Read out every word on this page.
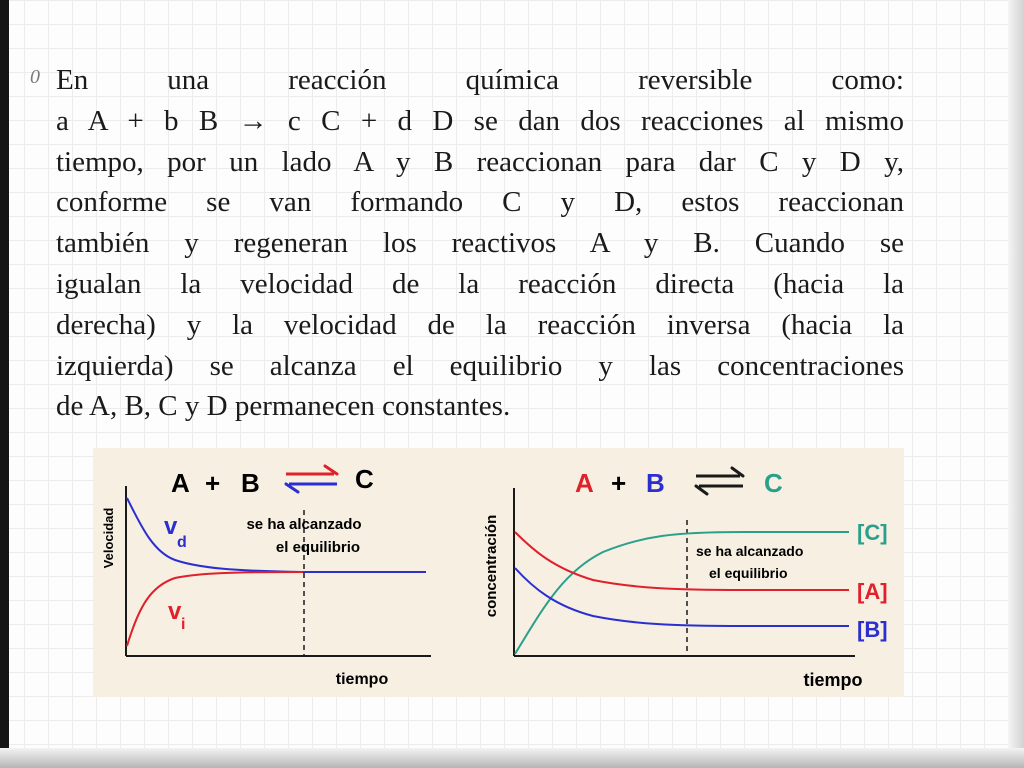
0 En una reacción química reversible como:
a A + b B → c C + d D se dan dos reacciones al mismo
tiempo, por un lado A y B reaccionan para dar C y D y,
conforme se van formando C y D, estos reaccionan
también y regeneran los reactivos A y B. Cuando se
igualan la velocidad de la reacción directa (hacia la
derecha) y la velocidad de la reacción inversa (hacia la
izquierda) se alcanza el equilibrio y las concentraciones
de A, B, C y D permanecen constantes.
A + B	C
Velocidad	se ha alcanzado
el equilibrio
v
d
v i
tiempo
A + B	C
concentración	se ha alcanzado
el equilibrio
[C]
[A]
[B]
tiempo
